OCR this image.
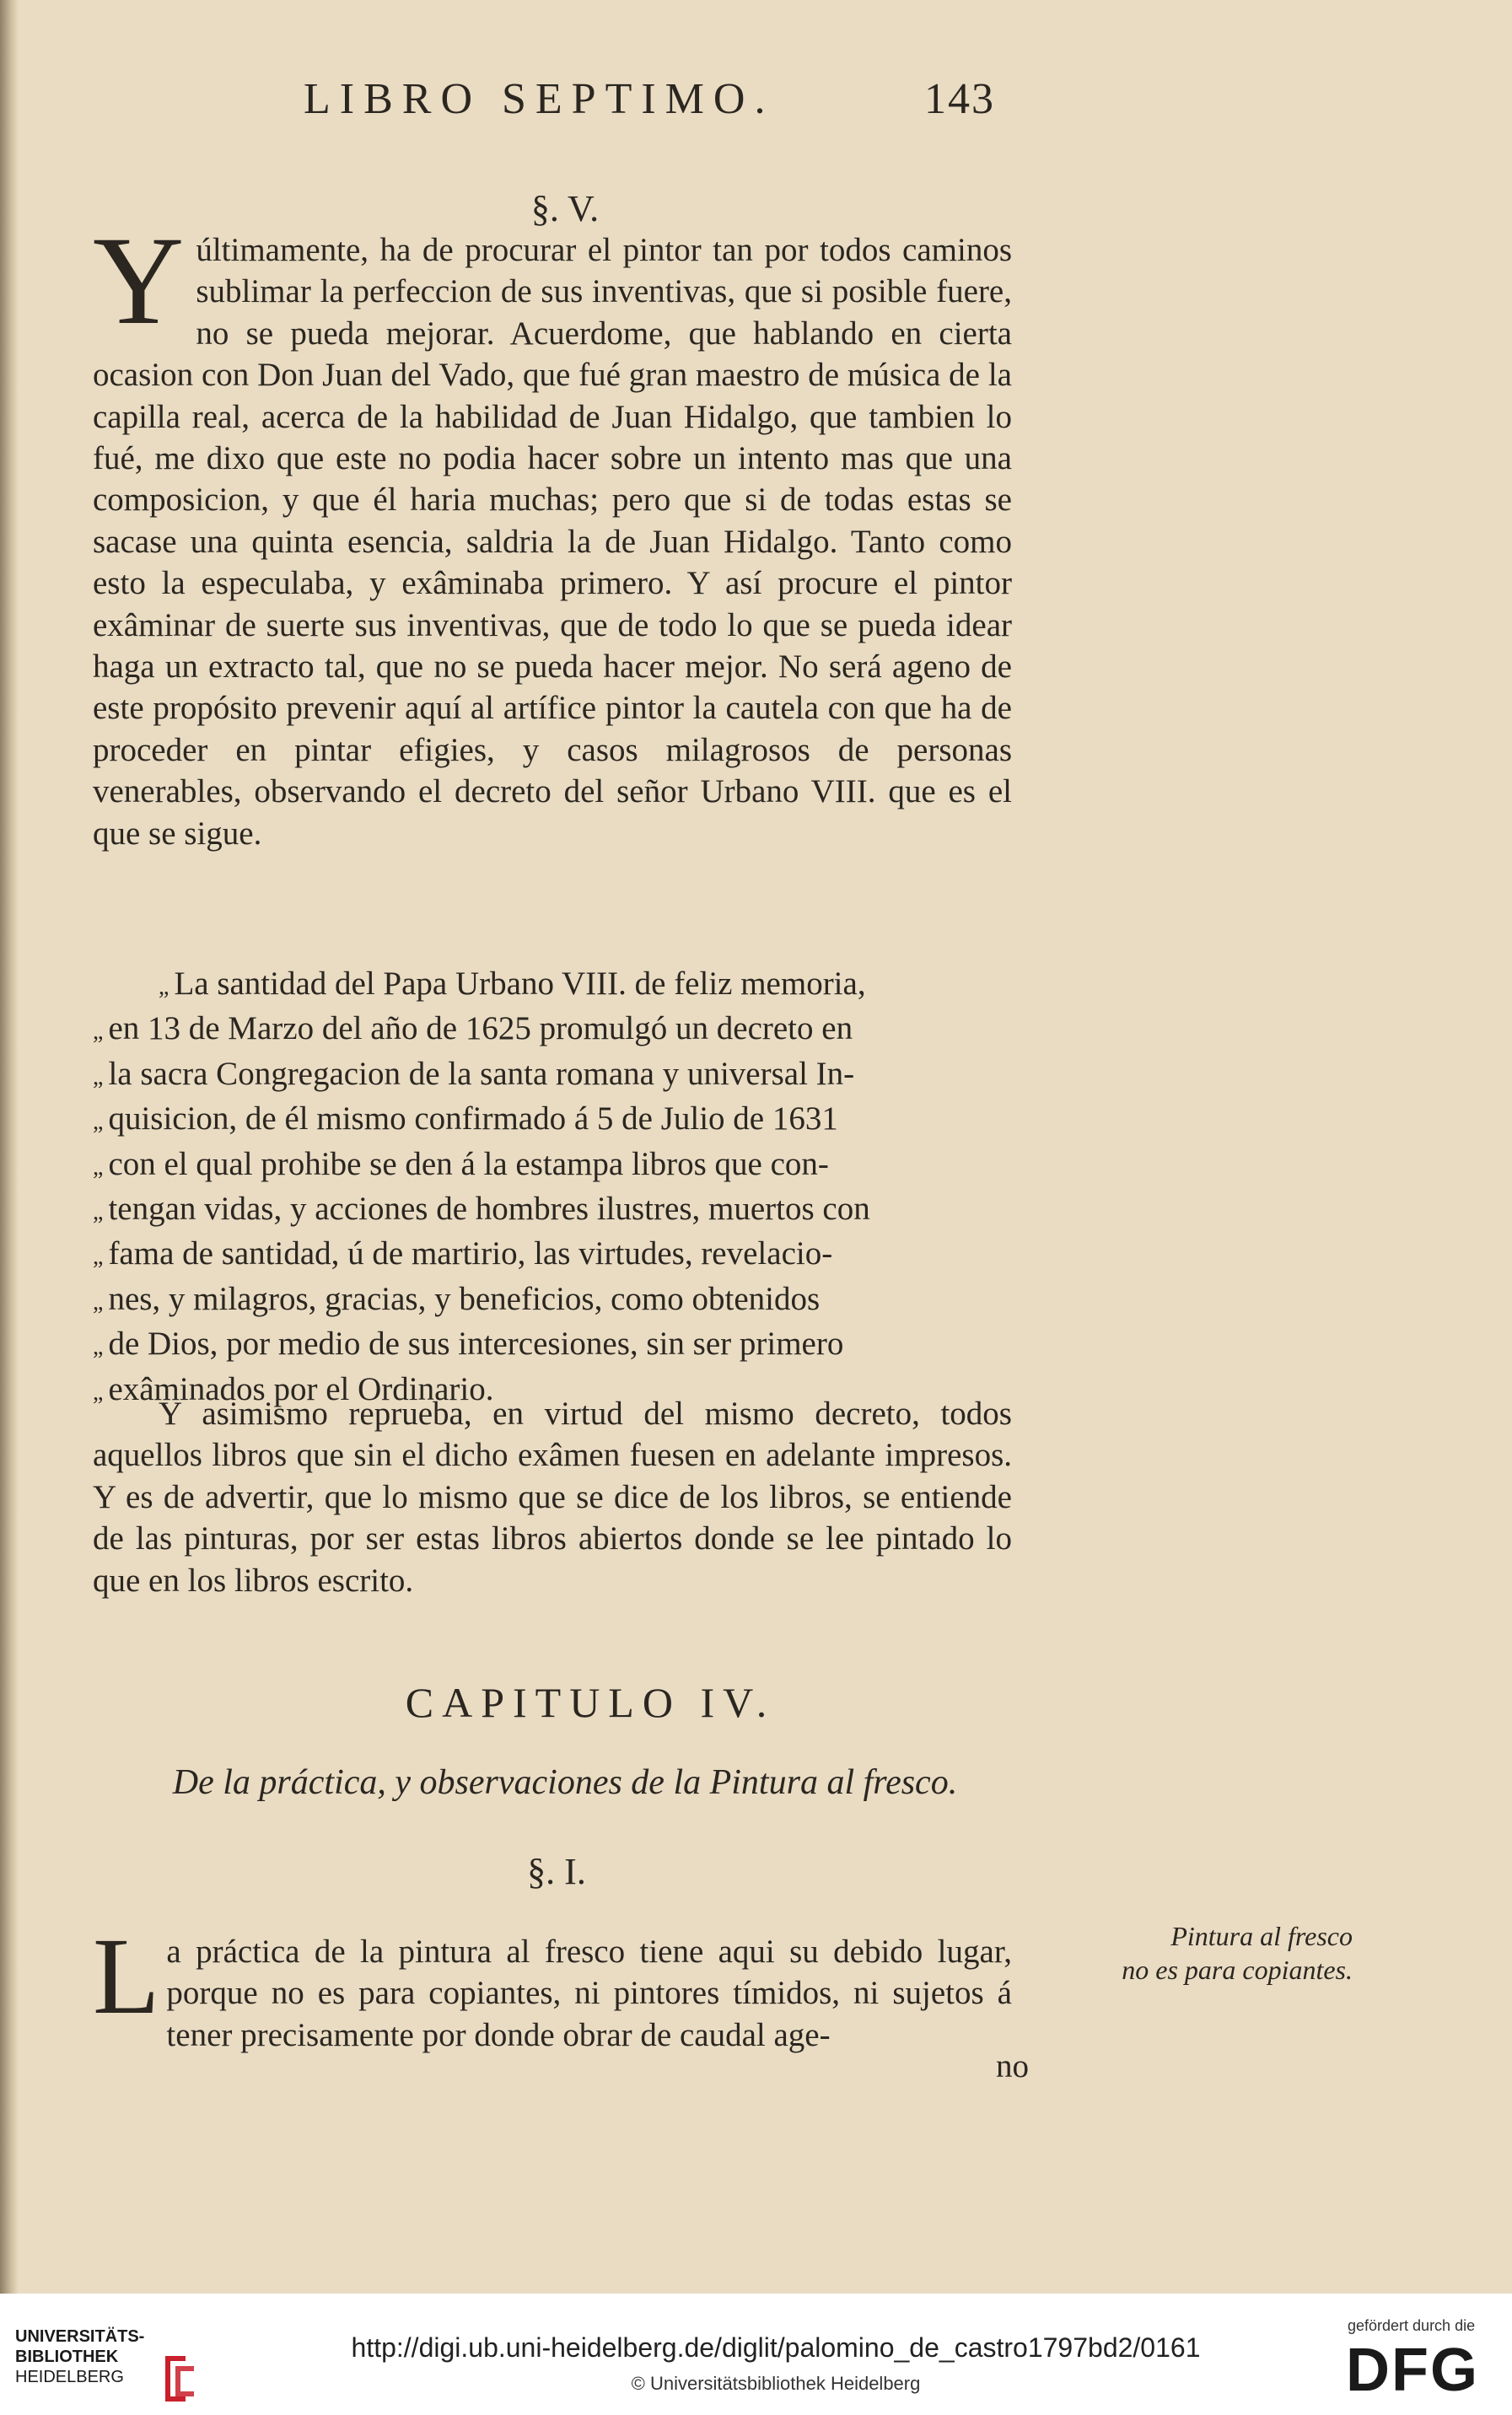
LIBRO SEPTIMO.	143
§. V.
Y últimamente, ha de procurar el pintor tan por todos caminos sublimar la perfeccion de sus inventivas, que si posible fuere, no se pueda mejorar. Acuerdome, que hablando en cierta ocasion con Don Juan del Vado, que fué gran maestro de música de la capilla real, acerca de la habilidad de Juan Hidalgo, que tambien lo fué, me dixo que este no podia hacer sobre un intento mas que una composicion, y que él haria muchas; pero que si de todas estas se sacase una quinta esencia, saldria la de Juan Hidalgo. Tanto como esto la especulaba, y exâminaba primero. Y así procure el pintor exâminar de suerte sus inventivas, que de todo lo que se pueda idear haga un extracto tal, que no se pueda hacer mejor. No será ageno de este propósito prevenir aquí al artífice pintor la cautela con que ha de proceder en pintar efigies, y casos milagrosos de personas venerables, observando el decreto del señor Urbano VIII. que es el que se sigue.
„ La santidad del Papa Urbano VIII. de feliz memoria,
„ en 13 de Marzo del año de 1625 promulgó un decreto en
„ la sacra Congregacion de la santa romana y universal In-
„ quisicion, de él mismo confirmado á 5 de Julio de 1631
„ con el qual prohibe se den á la estampa libros que con-
„ tengan vidas, y acciones de hombres ilustres, muertos con
„ fama de santidad, ú de martirio, las virtudes, revelacio-
„ nes, y milagros, gracias, y beneficios, como obtenidos
„ de Dios, por medio de sus intercesiones, sin ser primero
„ exâminados por el Ordinario.
Y asimismo reprueba, en virtud del mismo decreto, todos aquellos libros que sin el dicho exâmen fuesen en adelante impresos. Y es de advertir, que lo mismo que se dice de los libros, se entiende de las pinturas, por ser estas libros abiertos donde se lee pintado lo que en los libros escrito.
CAPITULO IV.
De la práctica, y observaciones de la Pintura al fresco.
§. I.
L a práctica de la pintura al fresco tiene aqui su debido lugar, porque no es para copiantes, ni pintores tímidos, ni sujetos á tener precisamente por donde obrar de caudal age-
no
Pintura al fresco
no es para copiantes.
UNIVERSITÄTS-
BIBLIOTHEK
HEIDELBERG
http://digi.ub.uni-heidelberg.de/diglit/palomino_de_castro1797bd2/0161
© Universitätsbibliothek Heidelberg
gefördert durch die
DFG
